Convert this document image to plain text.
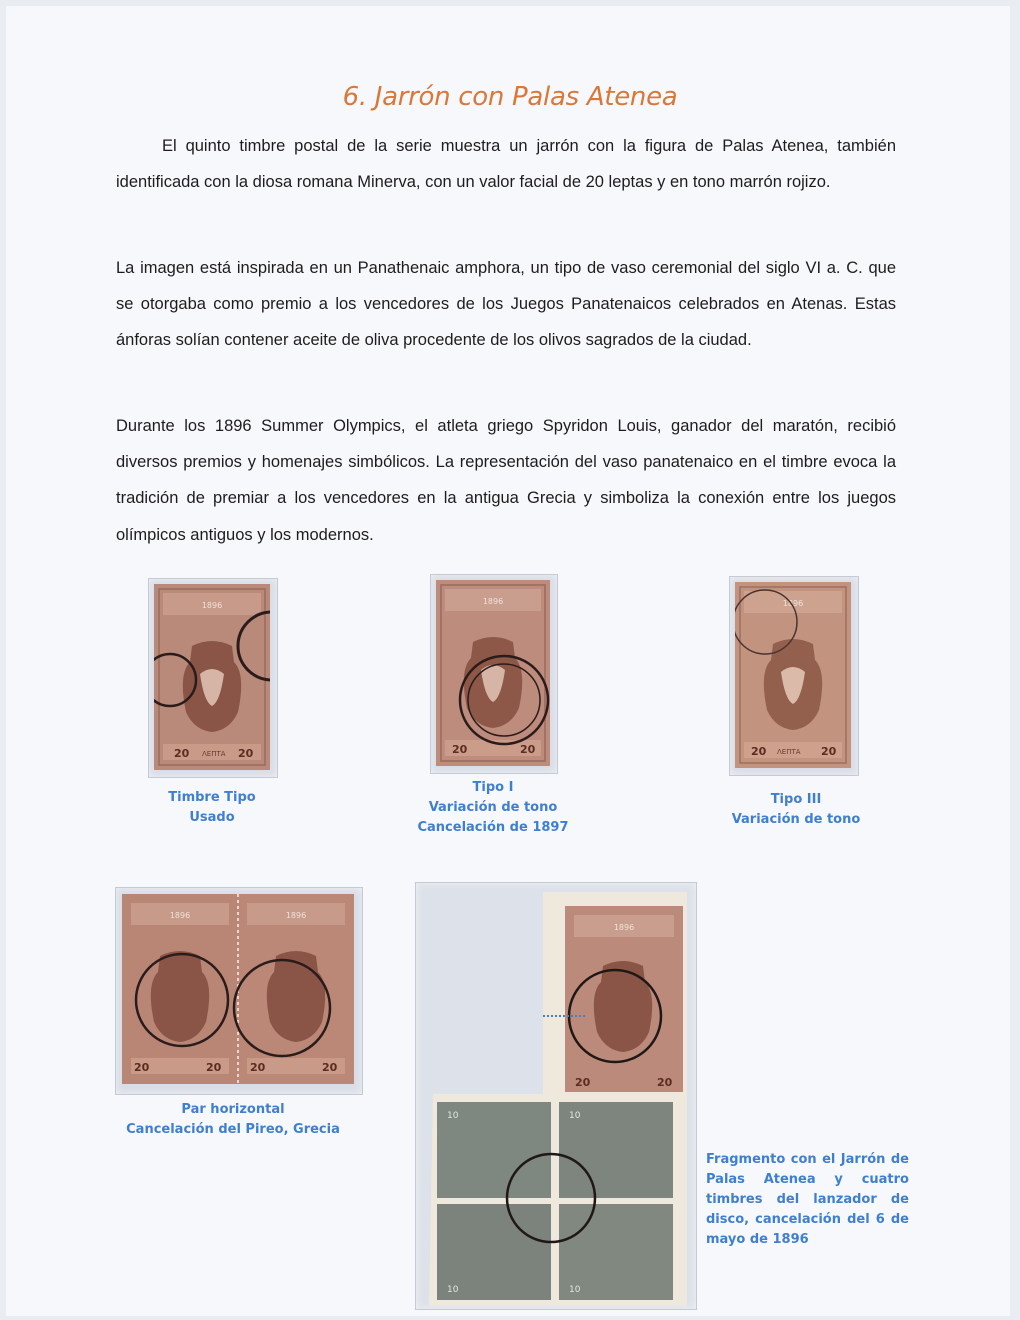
6. Jarrón con Palas Atenea

El quinto timbre postal de la serie muestra un jarrón con la figura de Palas Atenea, también identificada con la diosa romana Minerva, con un valor facial de 20 leptas y en tono marrón rojizo.

La imagen está inspirada en un Panathenaic amphora, un tipo de vaso ceremonial del siglo VI a. C. que se otorgaba como premio a los vencedores de los Juegos Panatenaicos celebrados en Atenas. Estas ánforas solían contener aceite de oliva procedente de los olivos sagrados de la ciudad.

Durante los 1896 Summer Olympics, el atleta griego Spyridon Louis, ganador del maratón, recibió diversos premios y homenajes simbólicos. La representación del vaso panatenaico en el timbre evoca la tradición de premiar a los vencedores en la antigua Grecia y simboliza la conexión entre los juegos olímpicos antiguos y los modernos.

1896
20 ΛΕΠΤΑ 20
Timbre Tipo
Usado
1896
20	20
Tipo I
Variación de tono
Cancelación de 1897
1896
20 ΛΕΠΤΑ 20
Tipo III
Variación de tono
1896	1896
20	20	20	20
Par horizontal
Cancelación del Pireo, Grecia
1896
20	20
10	10
10	10
Fragmento con el Jarrón de Palas Atenea y cuatro timbres del lanzador de disco, cancelación del 6 de mayo de 1896
